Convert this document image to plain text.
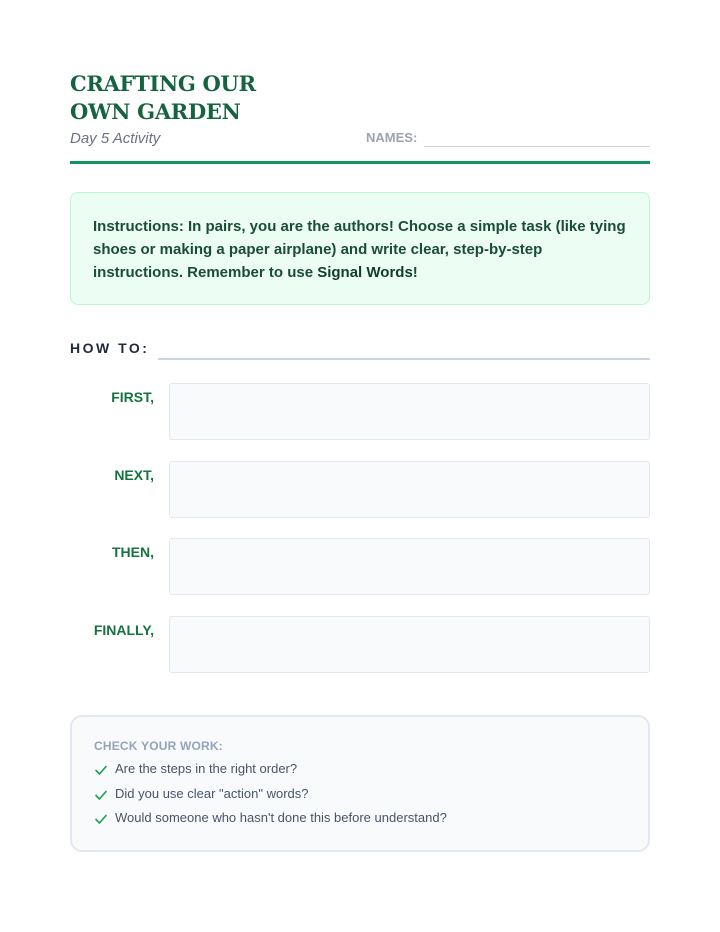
CRAFTING OUR OWN GARDEN
Day 5 Activity	NAMES:
Instructions: In pairs, you are the authors! Choose a simple task (like tying shoes or making a paper airplane) and write clear, step-by-step instructions. Remember to use Signal Words!
HOW TO:
FIRST,
NEXT,
THEN,
FINALLY,
CHECK YOUR WORK:
Are the steps in the right order?
Did you use clear "action" words?
Would someone who hasn't done this before understand?
